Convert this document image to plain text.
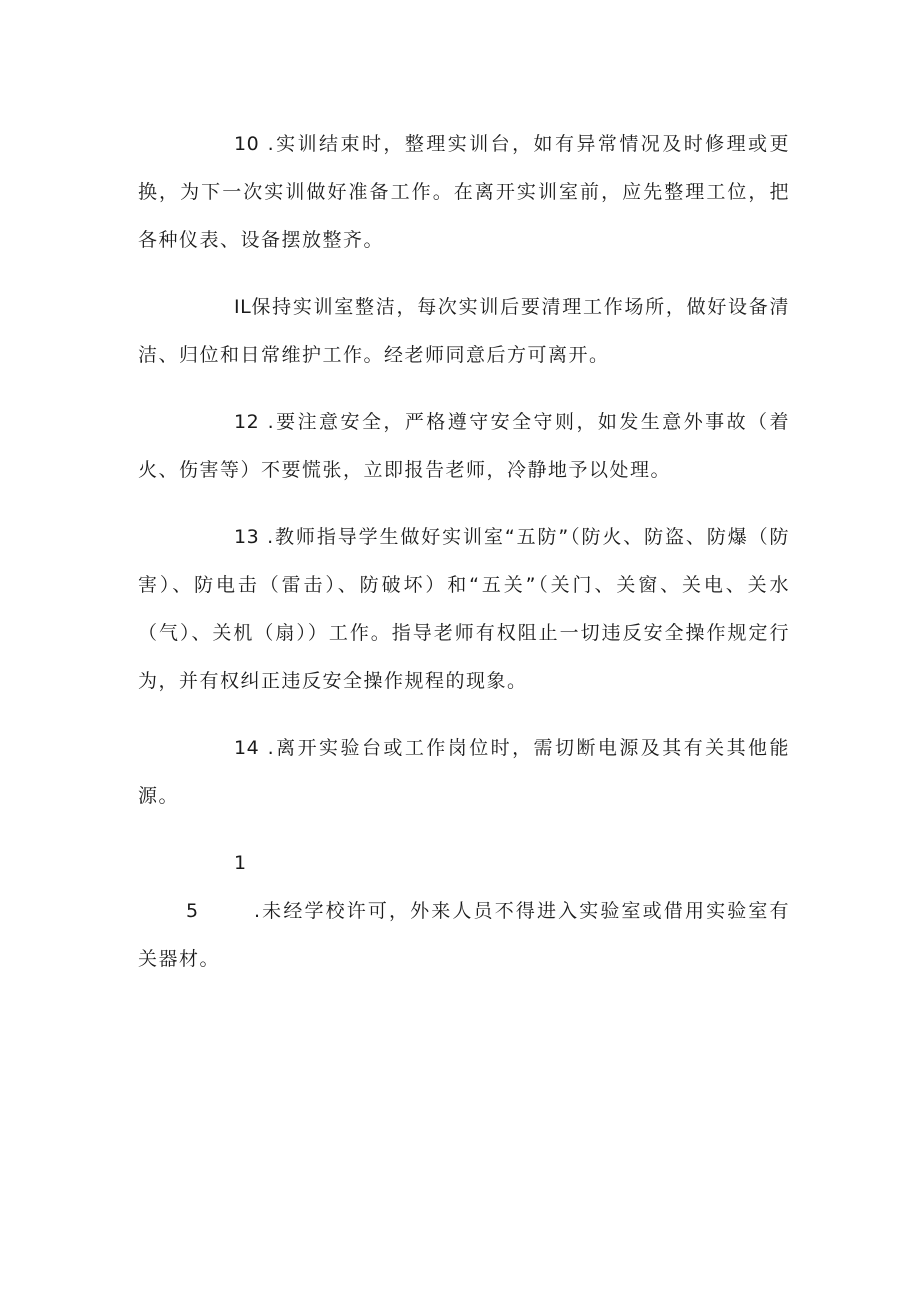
10 .实训结束时，整理实训台，如有异常情况及时修理或更换，为下一次实训做好准备工作。在离开实训室前，应先整理工位，把各种仪表、设备摆放整齐。

IL保持实训室整洁，每次实训后要清理工作场所，做好设备清洁、归位和日常维护工作。经老师同意后方可离开。

12 .要注意安全，严格遵守安全守则，如发生意外事故（着火、伤害等）不要慌张，立即报告老师，冷静地予以处理。

13 .教师指导学生做好实训室“五防”（防火、防盗、防爆（防害）、防电击（雷击）、防破坏）和“五关”（关门、关窗、关电、关水（气）、关机（扇））工作。指导老师有权阻止一切违反安全操作规定行为，并有权纠正违反安全操作规程的现象。

14 .离开实验台或工作岗位时，需切断电源及其有关其他能源。

15	.未经学校许可，外来人员不得进入实验室或借用实验室有关器材。
